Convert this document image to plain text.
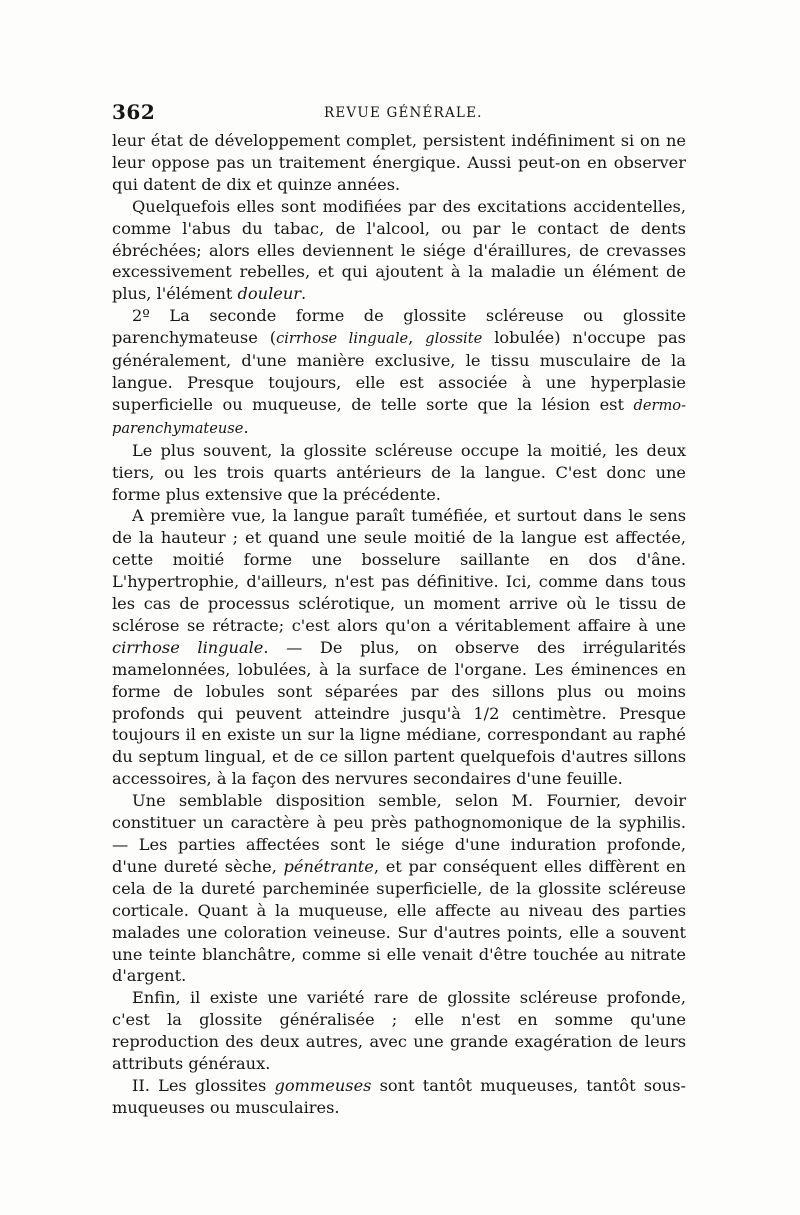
362	REVUE GÉNÉRALE.

leur état de développement complet, persistent indéfiniment si on ne leur oppose pas un traitement énergique. Aussi peut-on en observer qui datent de dix et quinze années.

Quelquefois elles sont modifiées par des excitations accidentelles, comme l'abus du tabac, de l'alcool, ou par le contact de dents ébréchées; alors elles deviennent le siége d'éraillures, de crevasses excessivement rebelles, et qui ajoutent à la maladie un élément de plus, l'élément douleur.

2º La seconde forme de glossite scléreuse ou glossite parenchymateuse (cirrhose linguale, glossite lobulée) n'occupe pas généralement, d'une manière exclusive, le tissu musculaire de la langue. Presque toujours, elle est associée à une hyperplasie superficielle ou muqueuse, de telle sorte que la lésion est dermo-parenchymateuse.

Le plus souvent, la glossite scléreuse occupe la moitié, les deux tiers, ou les trois quarts antérieurs de la langue. C'est donc une forme plus extensive que la précédente.

A première vue, la langue paraît tuméfiée, et surtout dans le sens de la hauteur ; et quand une seule moitié de la langue est affectée, cette moitié forme une bosselure saillante en dos d'âne. L'hypertrophie, d'ailleurs, n'est pas définitive. Ici, comme dans tous les cas de processus sclérotique, un moment arrive où le tissu de sclérose se rétracte; c'est alors qu'on a véritablement affaire à une cirrhose linguale. — De plus, on observe des irrégularités mamelonnées, lobulées, à la surface de l'organe. Les éminences en forme de lobules sont séparées par des sillons plus ou moins profonds qui peuvent atteindre jusqu'à 1/2 centimètre. Presque toujours il en existe un sur la ligne médiane, correspondant au raphé du septum lingual, et de ce sillon partent quelquefois d'autres sillons accessoires, à la façon des nervures secondaires d'une feuille.

Une semblable disposition semble, selon M. Fournier, devoir constituer un caractère à peu près pathognomonique de la syphilis. — Les parties affectées sont le siége d'une induration profonde, d'une dureté sèche, pénétrante, et par conséquent elles diffèrent en cela de la dureté parcheminée superficielle, de la glossite scléreuse corticale. Quant à la muqueuse, elle affecte au niveau des parties malades une coloration veineuse. Sur d'autres points, elle a souvent une teinte blanchâtre, comme si elle venait d'être touchée au nitrate d'argent.

Enfin, il existe une variété rare de glossite scléreuse profonde, c'est la glossite généralisée ; elle n'est en somme qu'une reproduction des deux autres, avec une grande exagération de leurs attributs généraux.

II. Les glossites gommeuses sont tantôt muqueuses, tantôt sous-muqueuses ou musculaires.
